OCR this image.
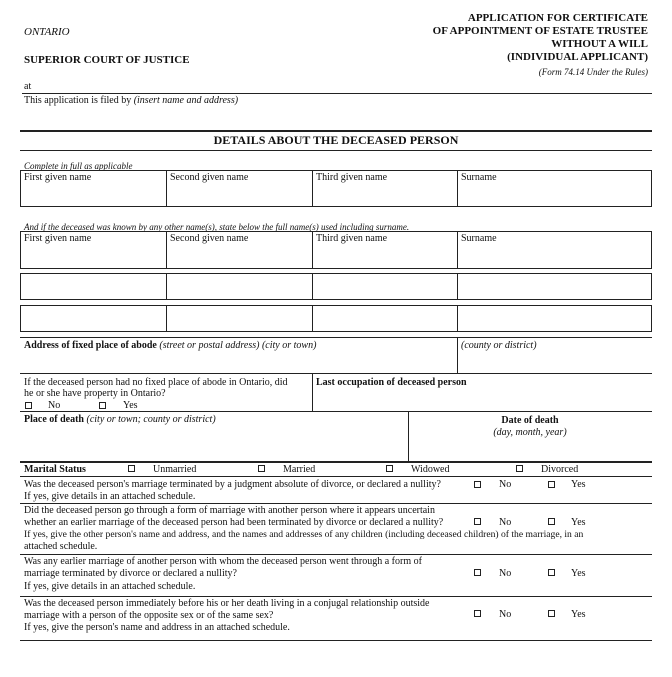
ONTARIO
SUPERIOR COURT OF JUSTICE
APPLICATION FOR CERTIFICATE
OF APPOINTMENT OF ESTATE TRUSTEE
WITHOUT A WILL
(INDIVIDUAL APPLICANT)
(Form 74.14 Under the Rules)
at
This application is filed by (insert name and address)
DETAILS ABOUT THE DECEASED PERSON
Complete in full as applicable
First given name	Second given name	Third given name	Surname
And if the deceased was known by any other name(s), state below the full name(s) used including surname.
First given name	Second given name	Third given name	Surname
Address of fixed place of abode (street or postal address) (city or town)	(county or district)
If the deceased person had no fixed place of abode in Ontario, did
he or she have property in Ontario?
No	Yes
Last occupation of deceased person
Place of death (city or town; county or district)	Date of death
(day, month, year)
Marital Status	Unmarried	Married	Widowed	Divorced
Was the deceased person's marriage terminated by a judgment absolute of divorce, or declared a nullity?
If yes, give details in an attached schedule.
No	Yes
Did the deceased person go through a form of marriage with another person where it appears uncertain
whether an earlier marriage of the deceased person had been terminated by divorce or declared a nullity?
If yes, give the other person's name and address, and the names and addresses of any children (including deceased children) of the marriage, in an
attached schedule.
No	Yes
Was any earlier marriage of another person with whom the deceased person went through a form of
marriage terminated by divorce or declared a nullity?
If yes, give details in an attached schedule.
No	Yes
Was the deceased person immediately before his or her death living in a conjugal relationship outside
marriage with a person of the opposite sex or of the same sex?
If yes, give the person's name and address in an attached schedule.
No	Yes
